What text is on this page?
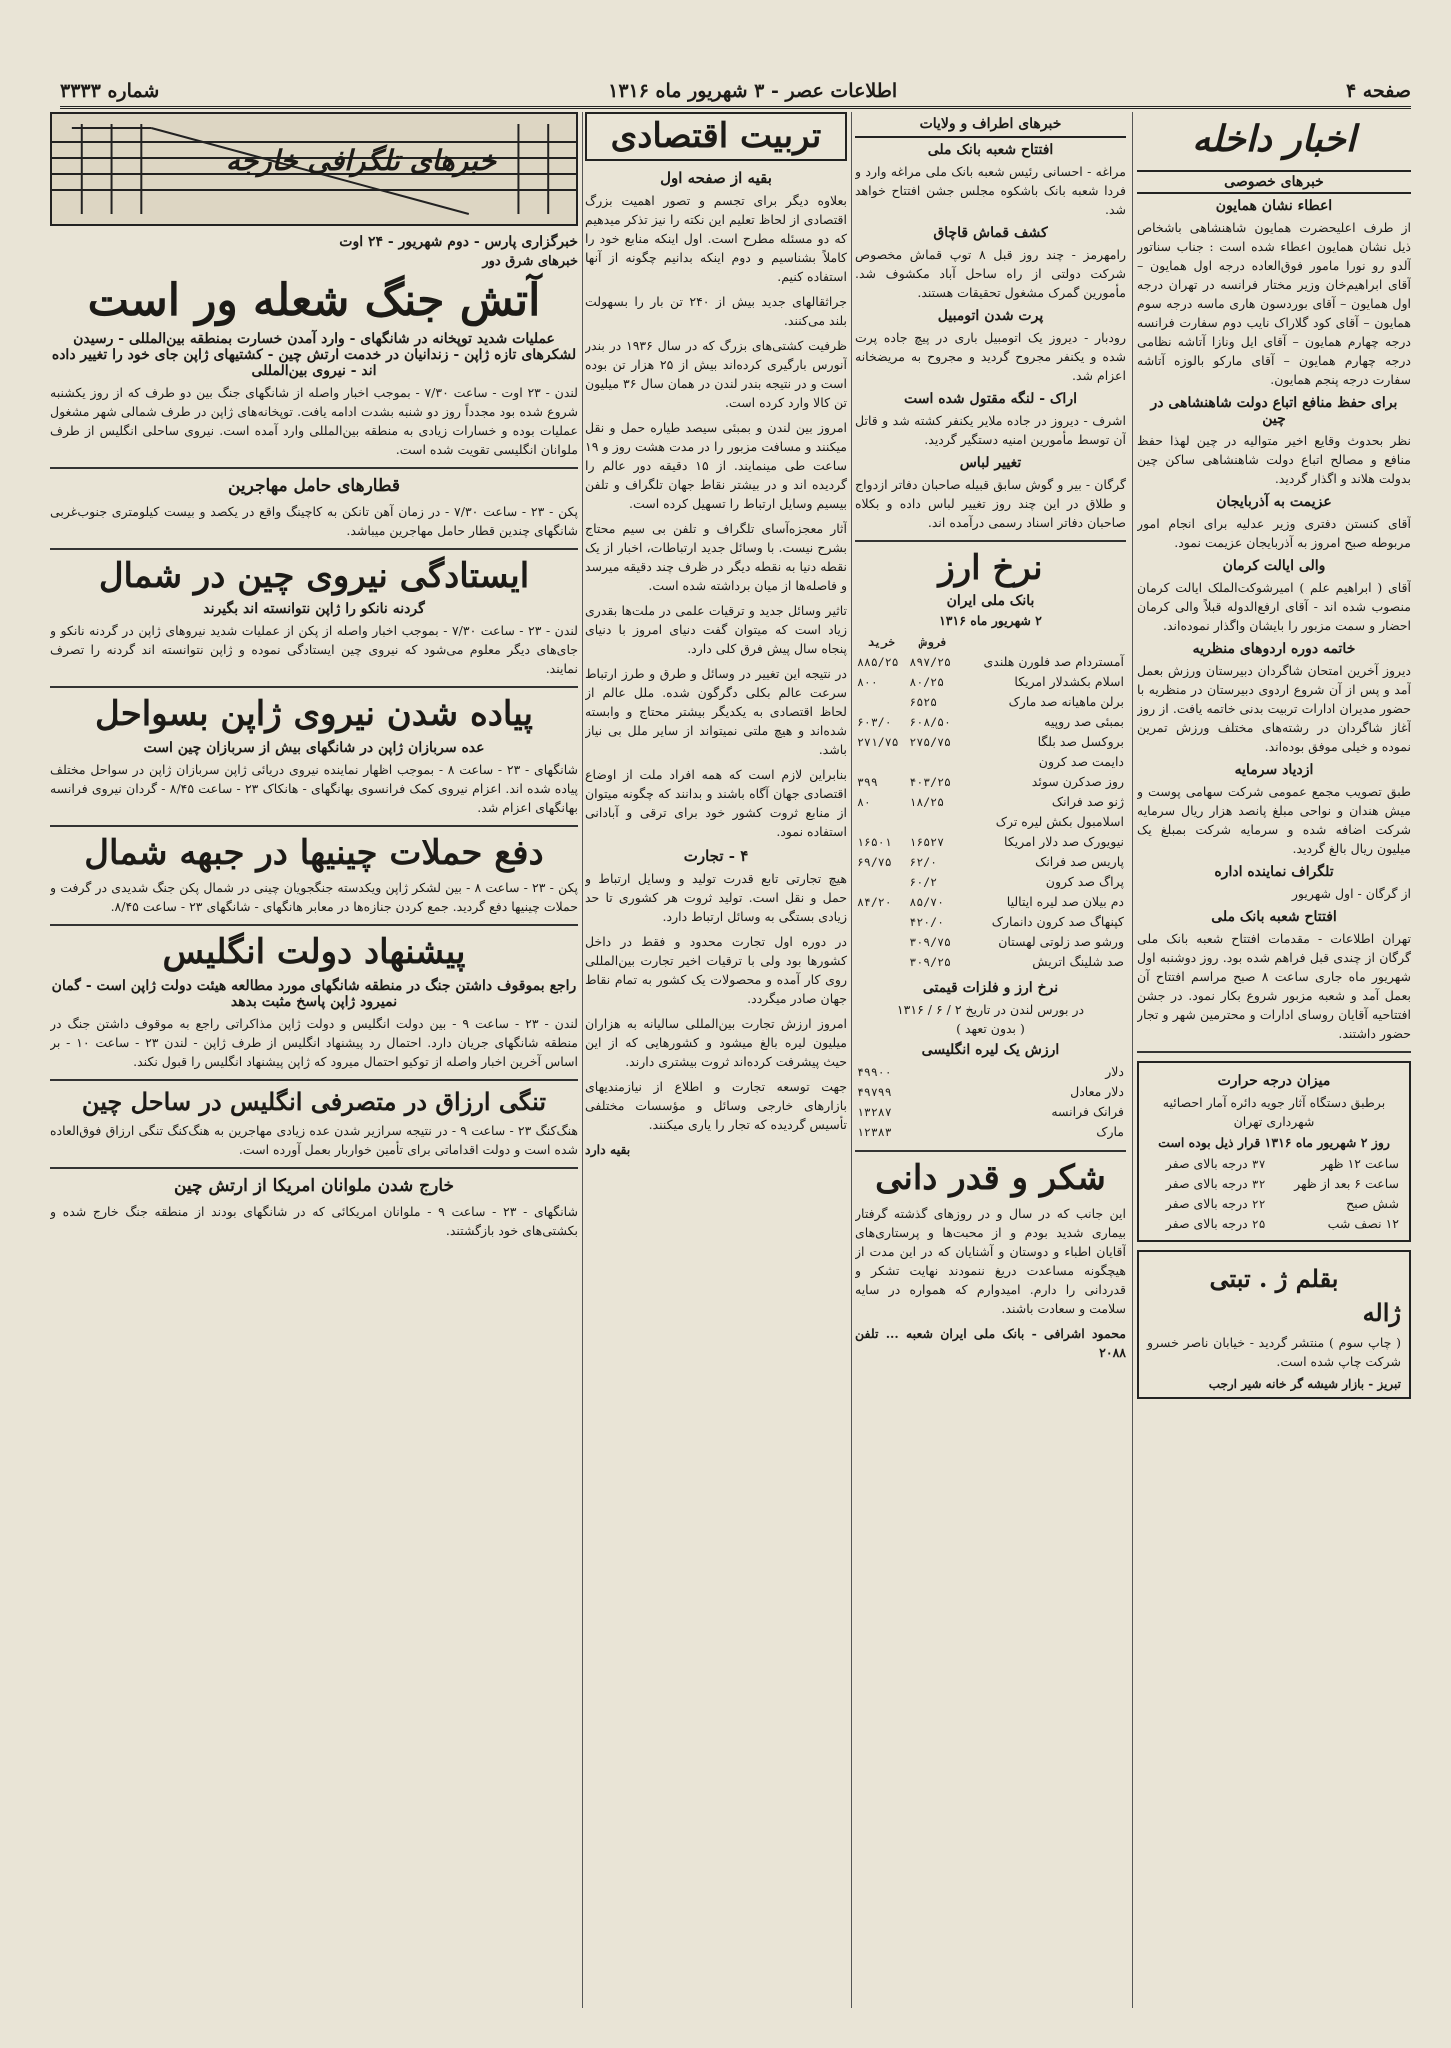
صفحه ۴
اطلاعات عصر - ۳ شهریور ماه ۱۳۱۶
شماره ۳۳۳۳
اخبار داخله
خبرهای خصوصی
اعطاء نشان همایون
از طرف اعلیحضرت همایون شاهنشاهی باشخاص ذیل نشان همایون اعطاء شده است : جناب سناتور آلدو رو نورا مامور فوق‌العاده درجه اول همایون – آقای ابراهیم‌خان وزیر مختار فرانسه در تهران درجه اول همایون – آقای بوردسون هاری ماسه درجه سوم همایون – آقای کود گلاراک نایب دوم سفارت فرانسه درجه چهارم همایون – آقای ایل ونازا آتاشه نظامی درجه چهارم همایون – آقای مارکو بالوزه آتاشه سفارت درجه پنجم همایون.
برای حفظ منافع اتباع دولت شاهنشاهی در چین
نظر بحدوث وقایع اخیر متوالیه در چین لهذا حفظ منافع و مصالح اتباع دولت شاهنشاهی ساکن چین بدولت هلاند و اگذار گردید.
عزیمت به آذربایجان
آقای کنستن دفتری وزیر عدلیه برای انجام امور مربوطه صبح امروز به آذربایجان عزیمت نمود.
والی ایالت کرمان
آقای ( ابراهیم علم ) امیرشوکت‌الملک ایالت کرمان منصوب شده اند - آقای ارفع‌الدوله قبلاً والی کرمان احضار و سمت مزبور را بایشان واگذار نموده‌اند.
خاتمه دوره اردوهای منظریه
دیروز آخرین امتحان شاگردان دبیرستان ورزش بعمل آمد و پس از آن شروع اردوی دبیرستان در منظریه با حضور مدیران ادارات تربیت بدنی خاتمه یافت. از روز آغاز شاگردان در رشته‌های مختلف ورزش تمرین نموده و خیلی موفق بوده‌اند.
ازدیاد سرمایه
طبق تصویب مجمع عمومی شرکت سهامی پوست و میش هندان و نواحی مبلغ پانصد هزار ریال سرمایه شرکت اضافه شده و سرمایه شرکت بمبلغ یک میلیون ریال بالغ گردید.
تلگراف نماینده اداره
از گرگان - اول شهریور
افتتاح شعبه بانک ملی
تهران اطلاعات - مقدمات افتتاح شعبه بانک ملی گرگان از چندی قبل فراهم شده بود. روز دوشنبه اول شهریور ماه جاری ساعت ۸ صبح مراسم افتتاح آن بعمل آمد و شعبه مزبور شروع بکار نمود. در جشن افتتاحیه آقایان روسای ادارات و محترمین شهر و تجار حضور داشتند.
میزان درجه حرارت
برطبق دستگاه آثار جویه دائره آمار احصائیه شهرداری تهران
روز ۲ شهریور ماه ۱۳۱۶ قرار ذیل بوده است
ساعت ۱۲ ظهر	۳۷	درجه بالای صفر
ساعت ۶ بعد از ظهر	۳۲	درجه بالای صفر
شش صبح	۲۲	درجه بالای صفر
۱۲ نصف شب	۲۵	درجه بالای صفر
بقلم ژ . تبتی
ژاله
( چاپ سوم ) منتشر گردید - خیابان ناصر خسرو شرکت چاپ شده است.
تبریز - بازار شیشه گر خانه شیر ارجب
خبرهای اطراف و ولایات
افتتاح شعبه بانک ملی
مراغه - احسانی رئیس شعبه بانک ملی مراغه وارد و فردا شعبه بانک باشکوه مجلس جشن افتتاح خواهد شد.
کشف قماش قاچاق
رامهرمز - چند روز قبل ۸ توپ قماش مخصوص شرکت دولتی از راه ساحل آباد مکشوف شد. مأمورین گمرک مشغول تحقیقات هستند.
پرت شدن اتومبیل
رودبار - دیروز یک اتومبیل باری در پیچ جاده پرت شده و یکنفر مجروح گردید و مجروح به مریضخانه اعزام شد.
اراک - لنگه مقتول شده است
اشرف - دیروز در جاده ملایر یکنفر کشته شد و قاتل آن توسط مأمورین امنیه دستگیر گردید.
تغییر لباس
گرگان - بیر و گوش سابق قبیله صاحبان دفاتر ازدواج و طلاق در این چند روز تغییر لباس داده و بکلاه صاحبان دفاتر اسناد رسمی درآمده اند.
نرخ ارز
بانک ملی ایران
۲ شهریور ماه ۱۳۱۶
	فروش	خرید
آمستردام صد فلورن هلندی	۸۹۷/۲۵	۸۸۵/۲۵
اسلام بکشدلار امریکا	۸۰/۲۵	۸۰۰
برلن ماهیانه صد مارک	۶۵۲۵	
بمبئی صد روپیه	۶۰۸/۵۰	۶۰۳/۰
بروکسل صد بلگا	۲۷۵/۷۵	۲۷۱/۷۵
دایمت صد کرون		
روز صدکرن سوئد	۴۰۳/۲۵	۳۹۹
ژنو صد فرانک	۱۸/۲۵	۸۰
اسلامبول بکش لیره ترک		
نیویورک صد دلار امریکا	۱۶۵۲۷	۱۶۵۰۱
پاریس صد فرانک	۶۲/۰	۶۹/۷۵
پراگ صد کرون	۶۰/۲	
دم بیلان صد لیره ایتالیا	۸۵/۷۰	۸۴/۲۰
کپنهاگ صد کرون دانمارک	۴۲۰/۰	
ورشو صد زلوتی لهستان	۳۰۹/۷۵	
صد شلینگ اتریش	۳۰۹/۲۵	
نرخ ارز و فلزات قیمتی
در بورس لندن در تاریخ ۲ / ۶ / ۱۳۱۶
( بدون تعهد )
ارزش یک لیره انگلیسی
دلار	۴۹۹۰۰
دلار معادل	۴۹۷۹۹
فرانک فرانسه	۱۳۲۸۷
مارک	۱۲۳۸۳
شکر و قدر دانی
این جانب که در سال و در روزهای گذشته گرفتار بیماری شدید بودم و از محبت‌ها و پرستاری‌های آقایان اطباء و دوستان و آشنایان که در این مدت از هیچگونه مساعدت دریغ ننمودند نهایت تشکر و قدردانی را دارم. امیدوارم که همواره در سایه سلامت و سعادت باشند.
محمود اشرافی - بانک ملی ایران شعبه ... تلفن ۲۰۸۸
تربیت اقتصادی
بقیه از صفحه اول

بعلاوه دیگر برای تجسم و تصور اهمیت بزرگ اقتصادی از لحاظ تعلیم این نکته را نیز تذکر میدهیم که دو مسئله مطرح است. اول اینکه منابع خود را کاملاً بشناسیم و دوم اینکه بدانیم چگونه از آنها استفاده کنیم.

جراثقالهای جدید بیش از ۲۴۰ تن بار را بسهولت بلند می‌کنند.

ظرفیت کشتی‌های بزرگ که در سال ۱۹۳۶ در بندر آنورس بارگیری کرده‌اند بیش از ۲۵ هزار تن بوده است و در نتیجه بندر لندن در همان سال ۳۶ میلیون تن کالا وارد کرده است.

امروز بین لندن و بمبئی سیصد طیاره حمل و نقل میکنند و مسافت مزبور را در مدت هشت روز و ۱۹ ساعت طی مینمایند. از ۱۵ دقیقه دور عالم را گردیده اند و در بیشتر نقاط جهان تلگراف و تلفن بیسیم وسایل ارتباط را تسهیل کرده است.

آثار معجزه‌آسای تلگراف و تلفن بی سیم محتاج بشرح نیست. با وسائل جدید ارتباطات، اخبار از یک نقطه دنیا به نقطه دیگر در ظرف چند دقیقه میرسد و فاصله‌ها از میان برداشته شده است.

تاثیر وسائل جدید و ترقیات علمی در ملت‌ها بقدری زیاد است که میتوان گفت دنیای امروز با دنیای پنجاه سال پیش فرق کلی دارد.

در نتیجه این تغییر در وسائل و طرق و طرز ارتباط سرعت عالم بکلی دگرگون شده. ملل عالم از لحاظ اقتصادی به یکدیگر بیشتر محتاج و وابسته شده‌اند و هیچ ملتی نمیتواند از سایر ملل بی نیاز باشد.

بنابراین لازم است که همه افراد ملت از اوضاع اقتصادی جهان آگاه باشند و بدانند که چگونه میتوان از منابع ثروت کشور خود برای ترقی و آبادانی استفاده نمود.

۴ - تجارت

هیچ تجارتی تابع قدرت تولید و وسایل ارتباط و حمل و نقل است. تولید ثروت هر کشوری تا حد زیادی بستگی به وسائل ارتباط دارد.

در دوره اول تجارت محدود و فقط در داخل کشورها بود ولی با ترقیات اخیر تجارت بین‌المللی روی کار آمده و محصولات یک کشور به تمام نقاط جهان صادر میگردد.

امروز ارزش تجارت بین‌المللی سالیانه به هزاران میلیون لیره بالغ میشود و کشورهایی که از این حیث پیشرفت کرده‌اند ثروت بیشتری دارند.

جهت توسعه تجارت و اطلاع از نیازمندیهای بازارهای خارجی وسائل و مؤسسات مختلفی تأسیس گردیده که تجار را یاری میکنند.

بقیه دارد
خبرهای تلگرافی خارجه
خبرگزاری پارس - دوم شهریور - ۲۴ اوت
خبرهای شرق دور
آتش جنگ شعله ور است
عملیات شدید توپخانه در شانگهای - وارد آمدن خسارت بمنطقه بین‌المللی - رسیدن لشکرهای تازه ژاپن - زندانیان در خدمت ارتش چین - کشتیهای ژاپن جای خود را تغییر داده اند - نیروی بین‌المللی
لندن - ۲۳ اوت - ساعت ۷/۳۰ - بموجب اخبار واصله از شانگهای جنگ بین دو طرف که از روز یکشنبه شروع شده بود مجدداً روز دو شنبه بشدت ادامه یافت. توپخانه‌های ژاپن در طرف شمالی شهر مشغول عملیات بوده و خسارات زیادی به منطقه بین‌المللی وارد آمده است. نیروی ساحلی انگلیس از طرف ملوانان انگلیسی تقویت شده است.
قطارهای حامل مهاجرین
پکن - ۲۳ - ساعت ۷/۳۰ - در زمان آهن تانکن به کاچینگ واقع در یکصد و بیست کیلومتری جنوب‌غربی شانگهای چندین قطار حامل مهاجرین میباشد.
ایستادگی نیروی چین در شمال
گردنه نانکو را ژاپن نتوانسته اند بگیرند
لندن - ۲۳ - ساعت ۷/۳۰ - بموجب اخبار واصله از پکن از عملیات شدید نیروهای ژاپن در گردنه نانکو و جای‌های دیگر معلوم می‌شود که نیروی چین ایستادگی نموده و ژاپن نتوانسته اند گردنه را تصرف نمایند.
پیاده شدن نیروی ژاپن بسواحل
عده سربازان ژاپن در شانگهای بیش از سربازان چین است
شانگهای - ۲۳ - ساعت ۸ - بموجب اظهار نماینده نیروی دریائی ژاپن سربازان ژاپن در سواحل مختلف پیاده شده اند. اعزام نیروی کمک فرانسوی بهانگهای - هانکاک ۲۳ - ساعت ۸/۴۵ - گردان نیروی فرانسه بهانگهای اعزام شد.
دفع حملات چینیها در جبهه شمال
پکن - ۲۳ - ساعت ۸ - بین لشکر ژاپن ویکدسته جنگجویان چینی در شمال پکن جنگ شدیدی در گرفت و حملات چینیها دفع گردید. جمع کردن جنازه‌ها در معابر هانگهای - شانگهای ۲۳ - ساعت ۸/۴۵.
پیشنهاد دولت انگلیس
راجع بموقوف داشتن جنگ در منطقه شانگهای مورد مطالعه هیئت دولت ژاپن است - گمان نمیرود ژاپن پاسخ مثبت بدهد
لندن - ۲۳ - ساعت ۹ - بین دولت انگلیس و دولت ژاپن مذاکراتی راجع به موقوف داشتن جنگ در منطقه شانگهای جریان دارد. احتمال رد پیشنهاد انگلیس از طرف ژاپن - لندن ۲۳ - ساعت ۱۰ - بر اساس آخرین اخبار واصله از توکیو احتمال میرود که ژاپن پیشنهاد انگلیس را قبول نکند.
تنگی ارزاق در متصرفی انگلیس در ساحل چین
هنگ‌کنگ ۲۳ - ساعت ۹ - در نتیجه سرازیر شدن عده زیادی مهاجرین به هنگ‌کنگ تنگی ارزاق فوق‌العاده شده است و دولت اقداماتی برای تأمین خواربار بعمل آورده است.
خارج شدن ملوانان امریکا از ارتش چین
شانگهای - ۲۳ - ساعت ۹ - ملوانان امریکائی که در شانگهای بودند از منطقه جنگ خارج شده و بکشتی‌های خود بازگشتند.
